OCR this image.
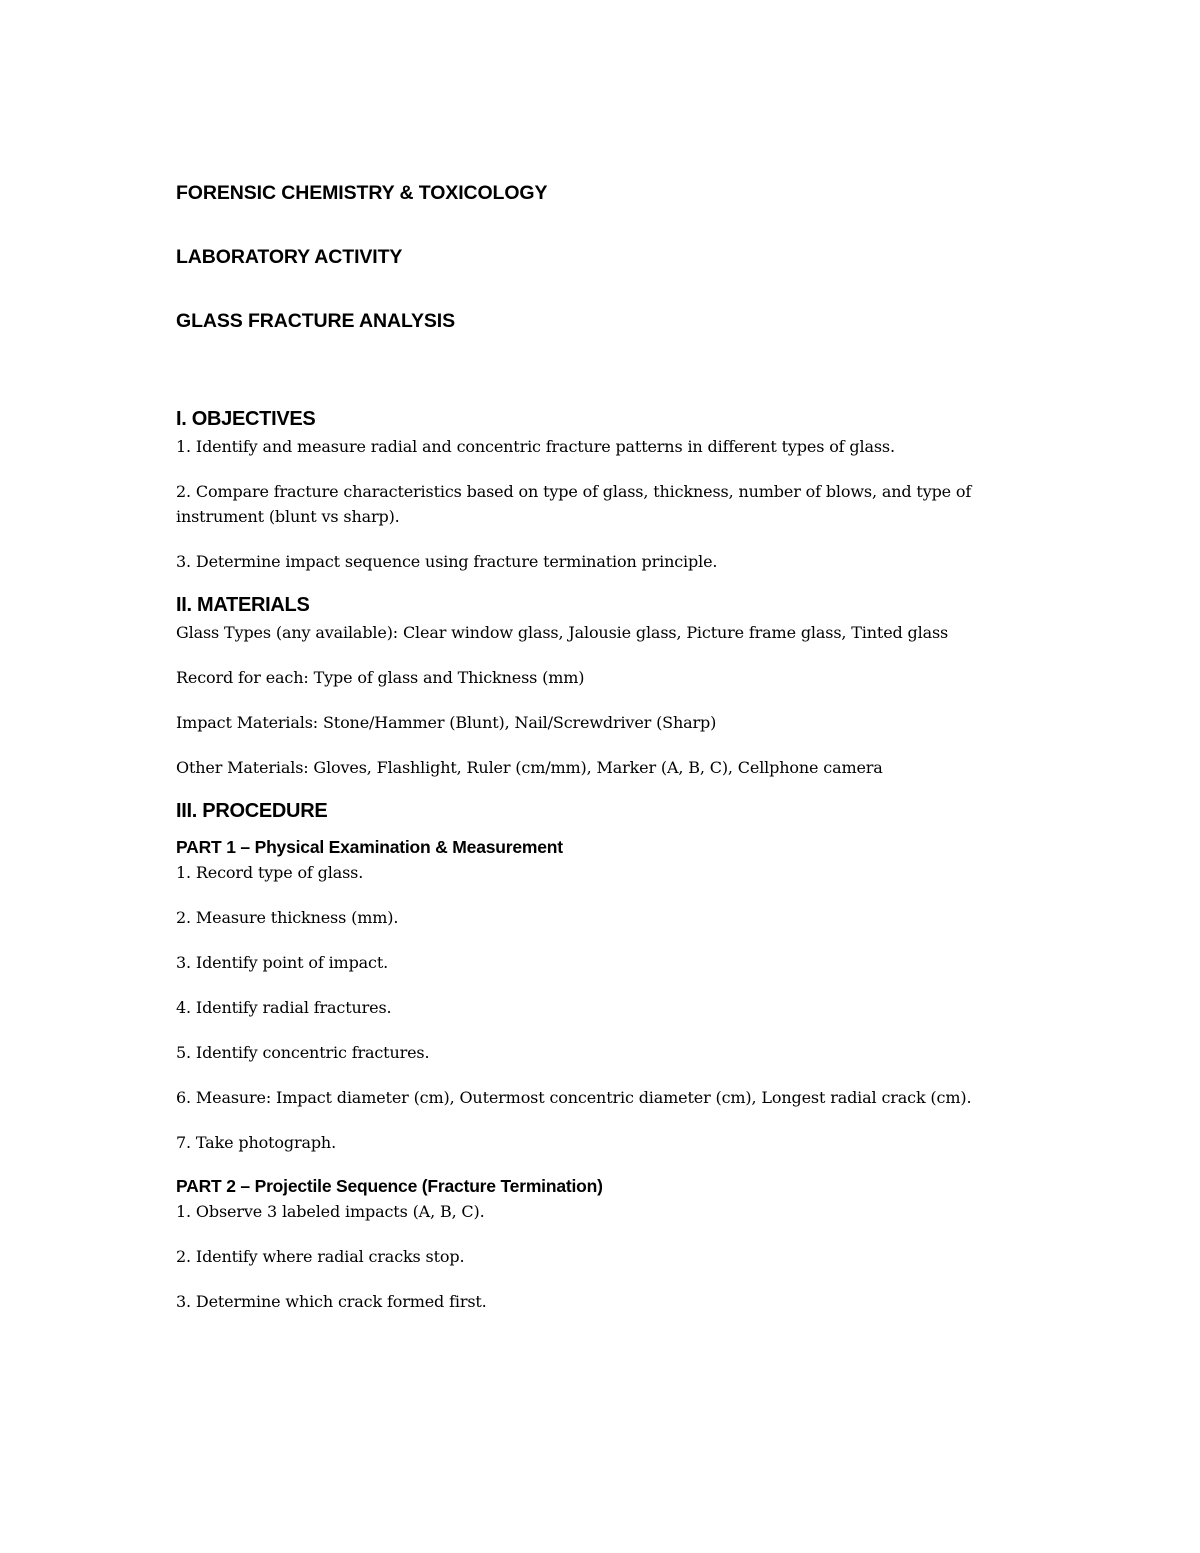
FORENSIC CHEMISTRY & TOXICOLOGY

LABORATORY ACTIVITY

GLASS FRACTURE ANALYSIS

I. OBJECTIVES

1. Identify and measure radial and concentric fracture patterns in different types of glass.

2. Compare fracture characteristics based on type of glass, thickness, number of blows, and type of instrument (blunt vs sharp).

3. Determine impact sequence using fracture termination principle.

II. MATERIALS

Glass Types (any available): Clear window glass, Jalousie glass, Picture frame glass, Tinted glass

Record for each: Type of glass and Thickness (mm)

Impact Materials: Stone/Hammer (Blunt), Nail/Screwdriver (Sharp)

Other Materials: Gloves, Flashlight, Ruler (cm/mm), Marker (A, B, C), Cellphone camera

III. PROCEDURE

PART 1 – Physical Examination & Measurement

1. Record type of glass.

2. Measure thickness (mm).

3. Identify point of impact.

4. Identify radial fractures.

5. Identify concentric fractures.

6. Measure: Impact diameter (cm), Outermost concentric diameter (cm), Longest radial crack (cm).

7. Take photograph.

PART 2 – Projectile Sequence (Fracture Termination)

1. Observe 3 labeled impacts (A, B, C).

2. Identify where radial cracks stop.

3. Determine which crack formed first.
